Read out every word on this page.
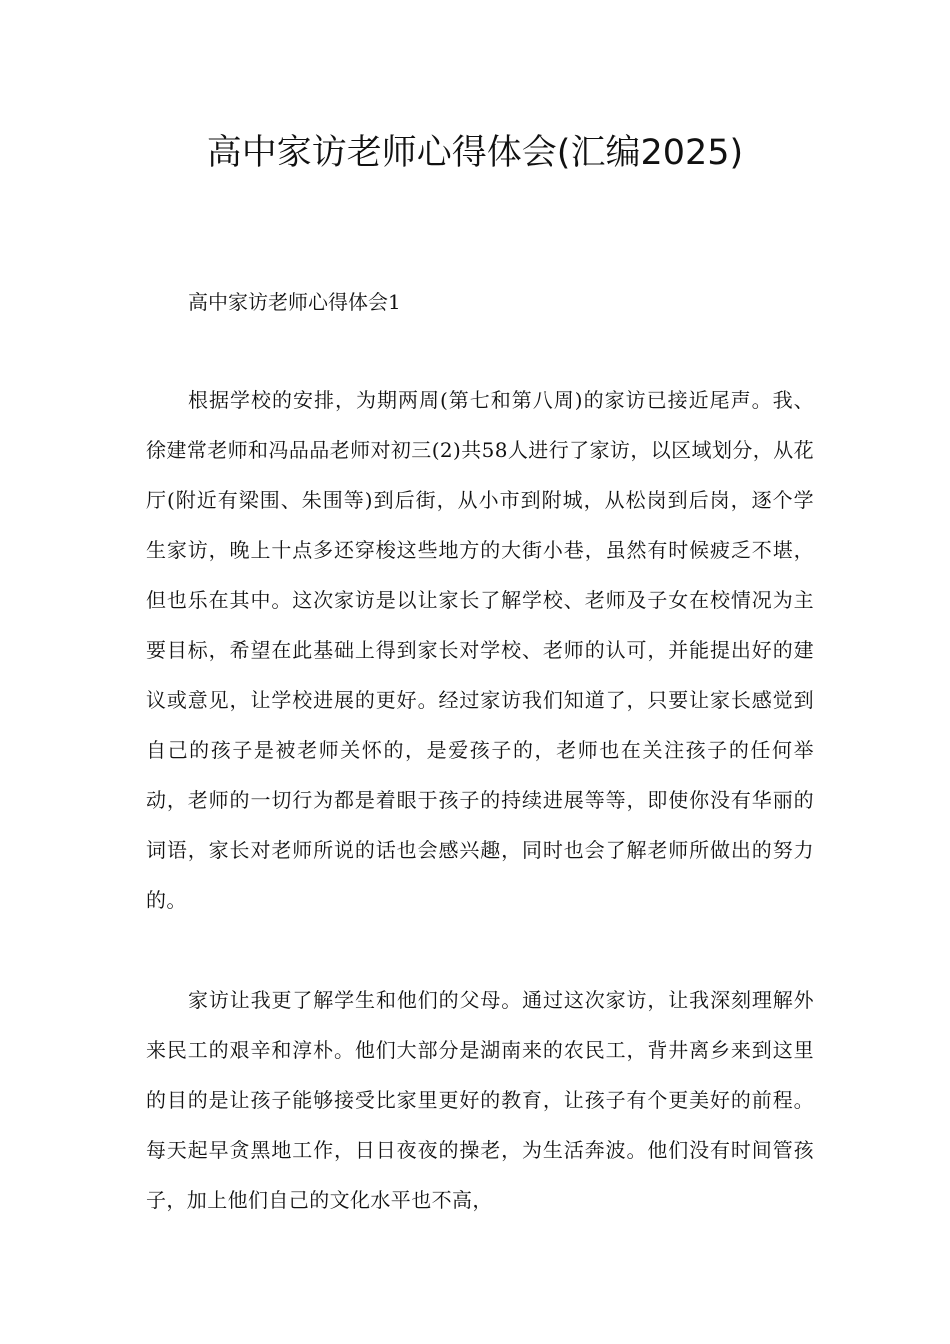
高中家访老师心得体会(汇编2025)
高中家访老师心得体会1

根据学校的安排，为期两周(第七和第八周)的家访已接近尾声。我、徐建常老师和冯品品老师对初三(2)共58人进行了家访，以区域划分，从花厅(附近有梁围、朱围等)到后街，从小市到附城，从松岗到后岗，逐个学生家访，晚上十点多还穿梭这些地方的大街小巷，虽然有时候疲乏不堪，但也乐在其中。这次家访是以让家长了解学校、老师及子女在校情况为主要目标，希望在此基础上得到家长对学校、老师的认可，并能提出好的建议或意见，让学校进展的更好。经过家访我们知道了，只要让家长感觉到自己的孩子是被老师关怀的，是爱孩子的，老师也在关注孩子的任何举动，老师的一切行为都是着眼于孩子的持续进展等等，即使你没有华丽的词语，家长对老师所说的话也会感兴趣，同时也会了解老师所做出的努力的。

家访让我更了解学生和他们的父母。通过这次家访，让我深刻理解外来民工的艰辛和淳朴。他们大部分是湖南来的农民工，背井离乡来到这里的目的是让孩子能够接受比家里更好的教育，让孩子有个更美好的前程。每天起早贪黑地工作，日日夜夜的操老，为生活奔波。他们没有时间管孩子，加上他们自己的文化水平也不高，
